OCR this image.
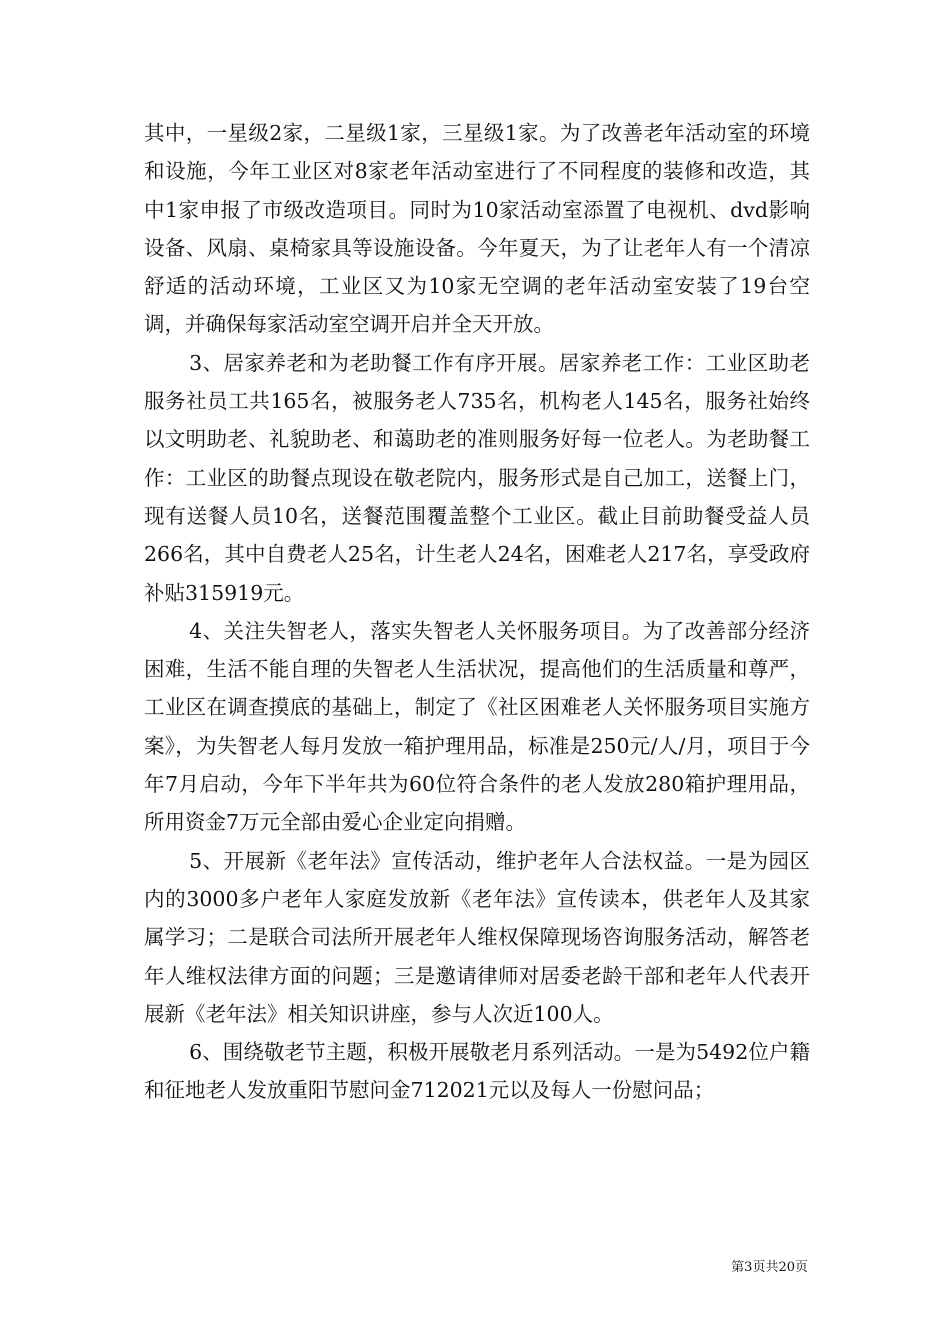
其中，一星级2家，二星级1家，三星级1家。为了改善老年活动室的环境和设施，今年工业区对8家老年活动室进行了不同程度的装修和改造，其中1家申报了市级改造项目。同时为10家活动室添置了电视机、dvd影响设备、风扇、桌椅家具等设施设备。今年夏天，为了让老年人有一个清凉舒适的活动环境，工业区又为10家无空调的老年活动室安装了19台空调，并确保每家活动室空调开启并全天开放。

3、居家养老和为老助餐工作有序开展。居家养老工作：工业区助老服务社员工共165名，被服务老人735名，机构老人145名，服务社始终以文明助老、礼貌助老、和蔼助老的准则服务好每一位老人。为老助餐工作：工业区的助餐点现设在敬老院内，服务形式是自己加工，送餐上门，现有送餐人员10名，送餐范围覆盖整个工业区。截止目前助餐受益人员266名，其中自费老人25名，计生老人24名，困难老人217名，享受政府补贴315919元。

4、关注失智老人，落实失智老人关怀服务项目。为了改善部分经济困难，生活不能自理的失智老人生活状况，提高他们的生活质量和尊严，工业区在调查摸底的基础上，制定了《社区困难老人关怀服务项目实施方案》，为失智老人每月发放一箱护理用品，标准是250元/人/月，项目于今年7月启动，今年下半年共为60位符合条件的老人发放280箱护理用品，所用资金7万元全部由爱心企业定向捐赠。

5、开展新《老年法》宣传活动，维护老年人合法权益。一是为园区内的3000多户老年人家庭发放新《老年法》宣传读本，供老年人及其家属学习；二是联合司法所开展老年人维权保障现场咨询服务活动，解答老年人维权法律方面的问题；三是邀请律师对居委老龄干部和老年人代表开展新《老年法》相关知识讲座，参与人次近100人。

6、围绕敬老节主题，积极开展敬老月系列活动。一是为5492位户籍和征地老人发放重阳节慰问金712021元以及每人一份慰问品；

第3页共20页
